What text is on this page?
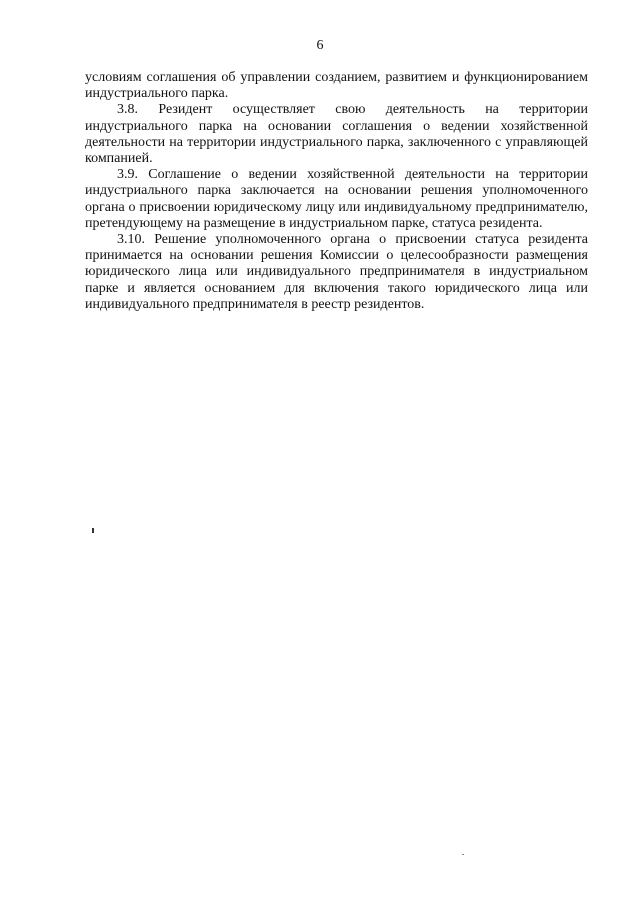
6

условиям соглашения об управлении созданием, развитием и функционированием индустриального парка.

3.8. Резидент осуществляет свою деятельность на территории индустриального парка на основании соглашения о ведении хозяйственной деятельности на территории индустриального парка, заключенного с управляющей компанией.

3.9. Соглашение о ведении хозяйственной деятельности на территории индустриального парка заключается на основании решения уполномоченного органа о присвоении юридическому лицу или индивидуальному предпринимателю, претендующему на размещение в индустриальном парке, статуса резидента.

3.10. Решение уполномоченного органа о присвоении статуса резидента принимается на основании решения Комиссии о целесообразности размещения юридического лица или индивидуального предпринимателя в индустриальном парке и является основанием для включения такого юридического лица или индивидуального предпринимателя в реестр резидентов.
